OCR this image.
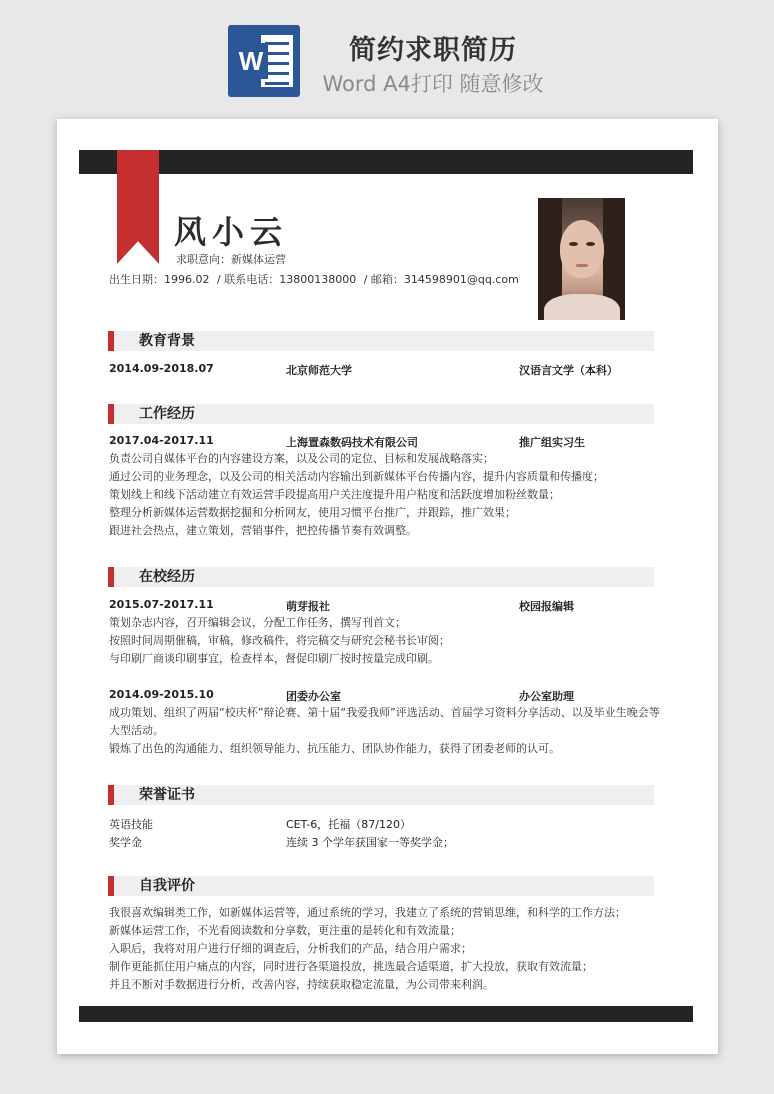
W	简约求职简历
Word A4打印 随意修改
风小云
求职意向：新媒体运营
出生日期：1996.02 / 联系电话：13800138000 / 邮箱：314598901@qq.com
教育背景
2014.09-2018.07	北京师范大学	汉语言文学（本科）
工作经历
2017.04-2017.11	上海置森数码技术有限公司	推广组实习生

负责公司自媒体平台的内容建设方案，以及公司的定位、目标和发展战略落实；

通过公司的业务理念，以及公司的相关活动内容输出到新媒体平台传播内容，提升内容质量和传播度；

策划线上和线下活动建立有效运营手段提高用户关注度提升用户粘度和活跃度增加粉丝数量；

整理分析新媒体运营数据挖掘和分析网友，使用习惯平台推广，并跟踪，推广效果；

跟进社会热点，建立策划，营销事件，把控传播节奏有效调整。

在校经历
2015.07-2017.11	萌芽报社	校园报编辑

策划杂志内容，召开编辑会议，分配工作任务，撰写刊首文；

按照时间周期催稿，审稿，修改稿件，将完稿交与研究会秘书长审阅；

与印刷厂商谈印刷事宜，检查样本，督促印刷厂按时按量完成印刷。

2014.09-2015.10	团委办公室	办公室助理

成功策划、组织了两届“校庆杯”辩论赛、第十届“我爱我师”评选活动、首届学习资料分享活动、以及毕业生晚会等大型活动。

锻炼了出色的沟通能力、组织领导能力、抗压能力、团队协作能力，获得了团委老师的认可。

荣誉证书
英语技能	CET-6，托福（87/120）
奖学金	连续 3 个学年获国家一等奖学金；
自我评价

我很喜欢编辑类工作，如新媒体运营等，通过系统的学习，我建立了系统的营销思维，和科学的工作方法；

新媒体运营工作，不光看阅读数和分享数，更注重的是转化和有效流量；

入职后，我将对用户进行仔细的调查后，分析我们的产品，结合用户需求；

制作更能抓住用户痛点的内容，同时进行各渠道投放，挑选最合适渠道，扩大投放，获取有效流量；

并且不断对手数据进行分析，改善内容，持续获取稳定流量，为公司带来利润。
